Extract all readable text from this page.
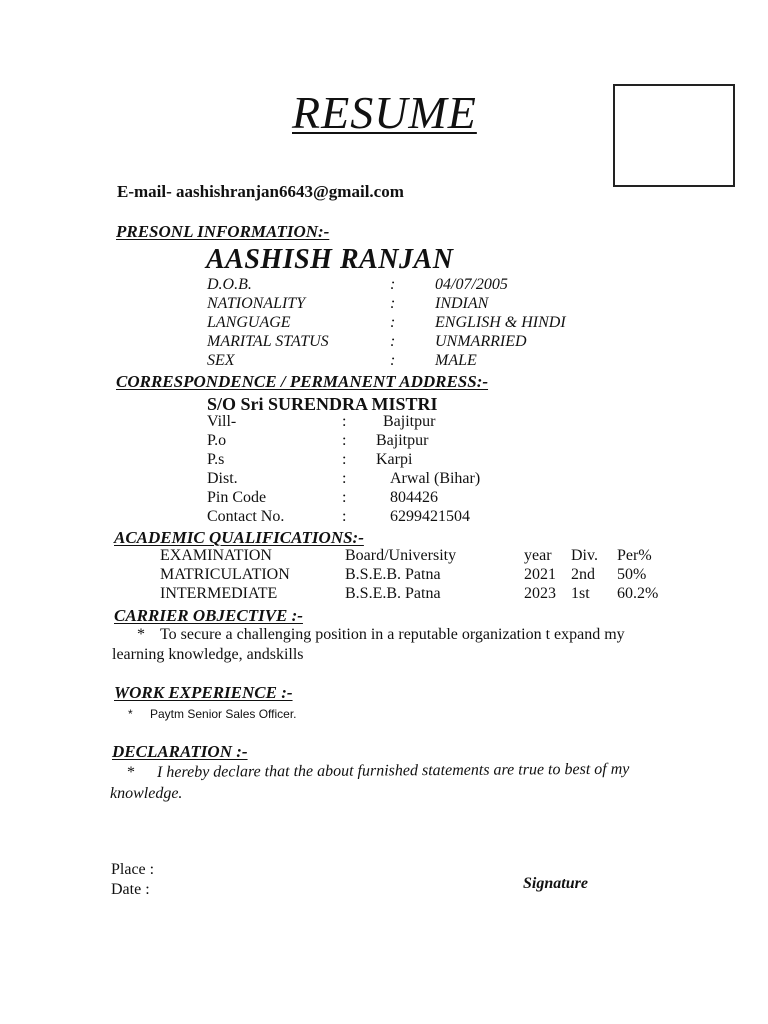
RESUME
E-mail- aashishranjan6643@gmail.com
PRESONL INFORMATION:-
AASHISH RANJAN
D.O.B.	: 04/07/2005
NATIONALITY	: INDIAN
LANGUAGE	: ENGLISH & HINDI
MARITAL STATUS	: UNMARRIED
SEX	: MALE
CORRESPONDENCE / PERMANENT ADDRESS:-
S/O Sri SURENDRA MISTRI
Vill-	: Bajitpur
P.o	: Bajitpur
P.s	: Karpi
Dist.	:	Arwal (Bihar)
Pin Code	:	804426
Contact No.	:	6299421504
ACADEMIC QUALIFICATIONS:-
EXAMINATION	Board/University	year Div. Per%
MATRICULATION	B.S.E.B. Patna	2021 2nd 50%
INTERMEDIATE	B.S.E.B. Patna	2023 1st 60.2%
CARRIER OBJECTIVE :-
* To secure a challenging position in a reputable organization t expand my
learning knowledge, andskills
WORK EXPERIENCE :-
* Paytm Senior Sales Officer.
DECLARATION :-
* I hereby declare that the about furnished statements are true to best of my
knowledge.
Place :
Date :	Signature
